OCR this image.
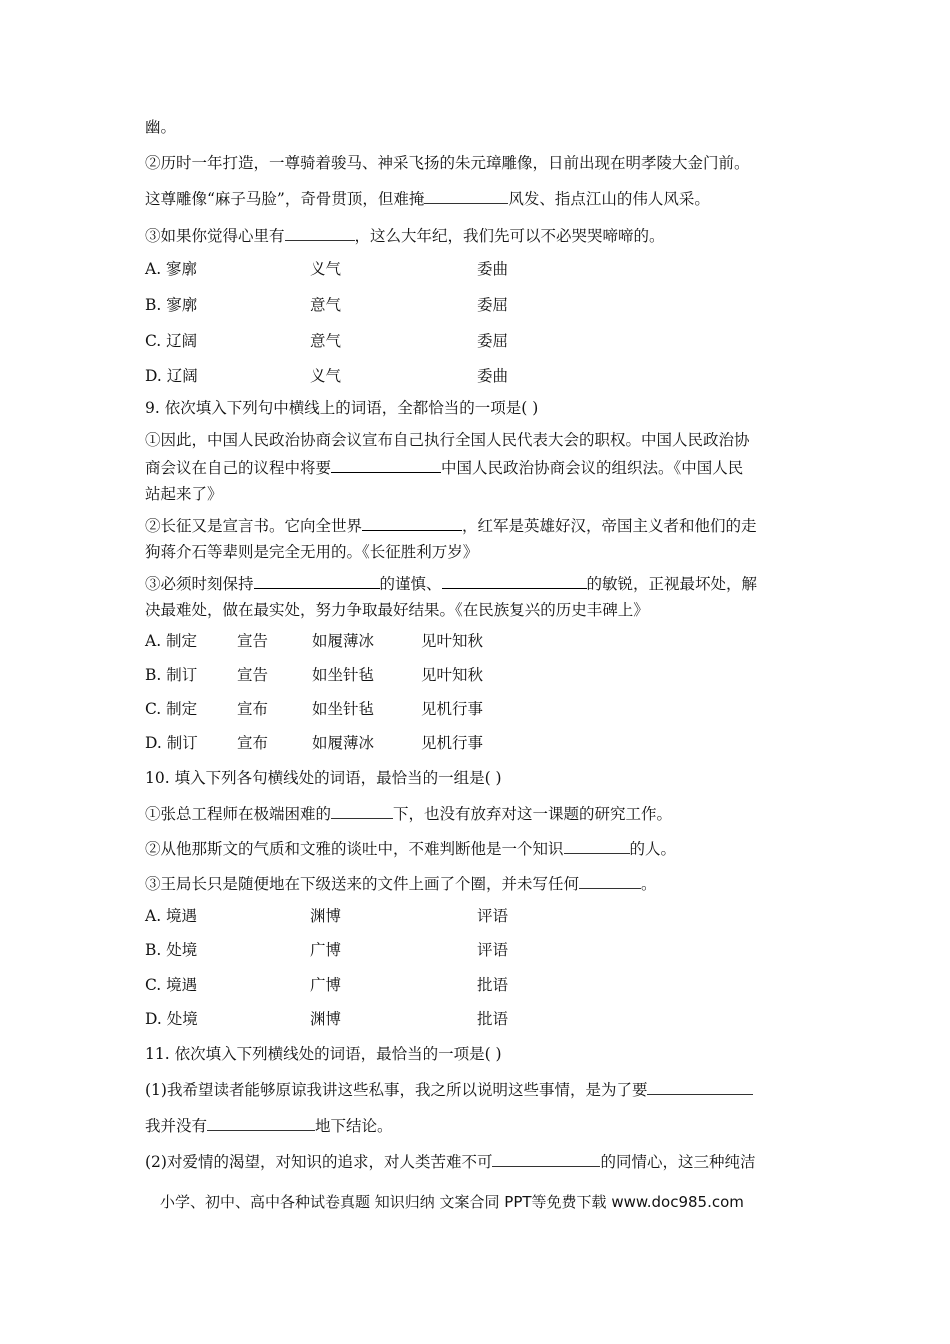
幽。
②历时一年打造，一尊骑着骏马、神采飞扬的朱元璋雕像，日前出现在明孝陵大金门前。
这尊雕像“麻子马脸”，奇骨贯顶，但难掩	风发、指点江山的伟人风采。
③如果你觉得心里有	，这么大年纪，我们先可以不必哭哭啼啼的。
A. 寥廓	义气	委曲
B. 寥廓	意气	委屈
C. 辽阔	意气	委屈
D. 辽阔	义气	委曲
9. 依次填入下列句中横线上的词语，全都恰当的一项是( )
①因此，中国人民政治协商会议宣布自己执行全国人民代表大会的职权。中国人民政治协
商会议在自己的议程中将要	中国人民政治协商会议的组织法。《中国人民
站起来了》
②长征又是宣言书。它向全世界	，红军是英雄好汉，帝国主义者和他们的走
狗蒋介石等辈则是完全无用的。《长征胜利万岁》
③必须时刻保持	的谨慎、	的敏锐，正视最坏处，解
决最难处，做在最实处，努力争取最好结果。《在民族复兴的历史丰碑上》
A. 制定	宣告	如履薄冰	见叶知秋
B. 制订	宣告	如坐针毡	见叶知秋
C. 制定	宣布	如坐针毡	见机行事
D. 制订	宣布	如履薄冰	见机行事
10. 填入下列各句横线处的词语，最恰当的一组是( )
①张总工程师在极端困难的	下，也没有放弃对这一课题的研究工作。
②从他那斯文的气质和文雅的谈吐中，不难判断他是一个知识	的人。
③王局长只是随便地在下级送来的文件上画了个圈，并未写任何	。
A. 境遇	渊博	评语
B. 处境	广博	评语
C. 境遇	广博	批语
D. 处境	渊博	批语
11. 依次填入下列横线处的词语，最恰当的一项是( )
(1)我希望读者能够原谅我讲这些私事，我之所以说明这些事情，是为了要
我并没有	地下结论。
(2)对爱情的渴望，对知识的追求，对人类苦难不可	的同情心，这三种纯洁
小学、初中、高中各种试卷真题 知识归纳 文案合同 PPT等免费下载 www.doc985.com
